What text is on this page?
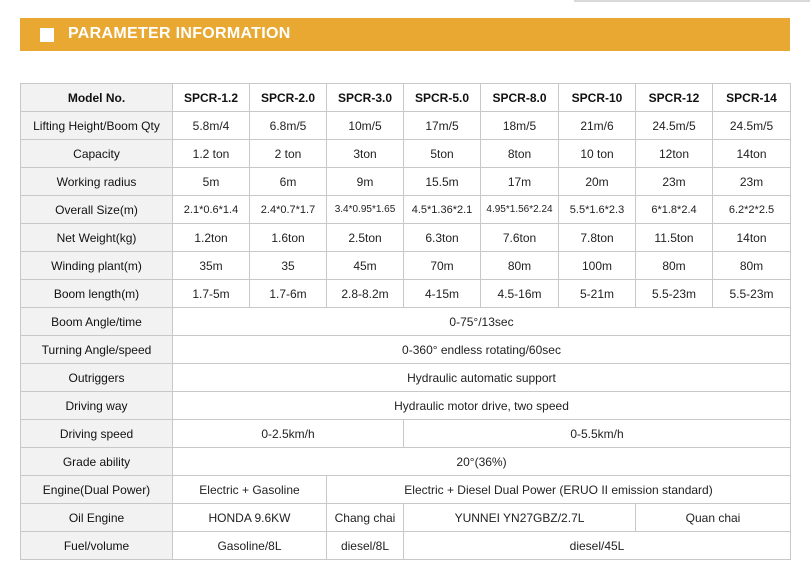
PARAMETER INFORMATION
Model No.	SPCR-1.2	SPCR-2.0	SPCR-3.0	SPCR-5.0	SPCR-8.0	SPCR-10	SPCR-12	SPCR-14
Lifting Height/Boom Qty	5.8m/4	6.8m/5	10m/5	17m/5	18m/5	21m/6	24.5m/5	24.5m/5
Capacity	1.2 ton	2 ton	3ton	5ton	8ton	10 ton	12ton	14ton
Working radius	5m	6m	9m	15.5m	17m	20m	23m	23m
Overall Size(m)	2.1*0.6*1.4	2.4*0.7*1.7	3.4*0.95*1.65	4.5*1.36*2.1	4.95*1.56*2.24	5.5*1.6*2.3	6*1.8*2.4	6.2*2*2.5
Net Weight(kg)	1.2ton	1.6ton	2.5ton	6.3ton	7.6ton	7.8ton	11.5ton	14ton
Winding plant(m)	35m	35	45m	70m	80m	100m	80m	80m
Boom length(m)	1.7-5m	1.7-6m	2.8-8.2m	4-15m	4.5-16m	5-21m	5.5-23m	5.5-23m
Boom Angle/time	0-75°/13sec							
Turning Angle/speed	0-360° endless rotating/60sec							
Outriggers	Hydraulic automatic support							
Driving way	Hydraulic motor drive, two speed							
Driving speed	0-2.5km/h			0-5.5km/h				
Grade ability	20°(36%)							
Engine(Dual Power)	Electric + Gasoline		Electric + Diesel Dual Power (ERUO II emission standard)					
Oil Engine	HONDA 9.6KW		Chang chai	YUNNEI YN27GBZ/2.7L			Quan chai	
Fuel/volume	Gasoline/8L		diesel/8L	diesel/45L				
